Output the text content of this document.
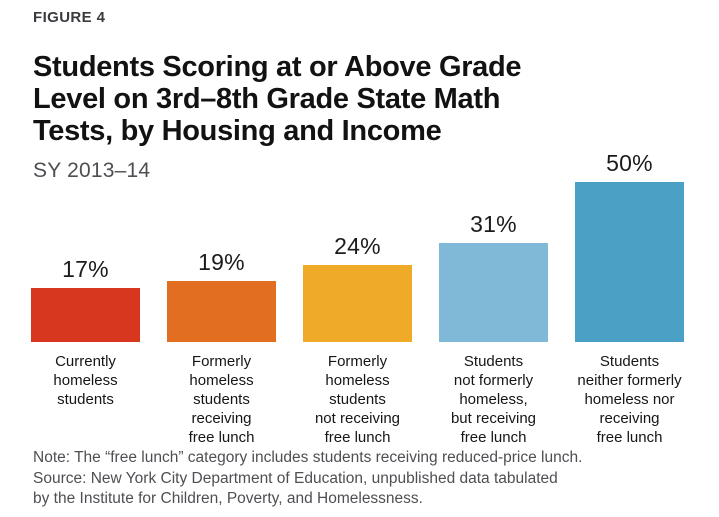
FIGURE 4
Students Scoring at or Above Grade
Level on 3rd–8th Grade State Math
Tests, by Housing and Income
SY 2013–14
17%
Currently
homeless
students
19%
Formerly
homeless
students
receiving
free lunch
24%
Formerly
homeless
students
not receiving
free lunch
31%
Students
not formerly
homeless,
but receiving
free lunch
50%
Students
neither formerly
homeless nor
receiving
free lunch
Note: The “free lunch” category includes students receiving reduced-price lunch.
Source: New York City Department of Education, unpublished data tabulated
by the Institute for Children, Poverty, and Homelessness.
